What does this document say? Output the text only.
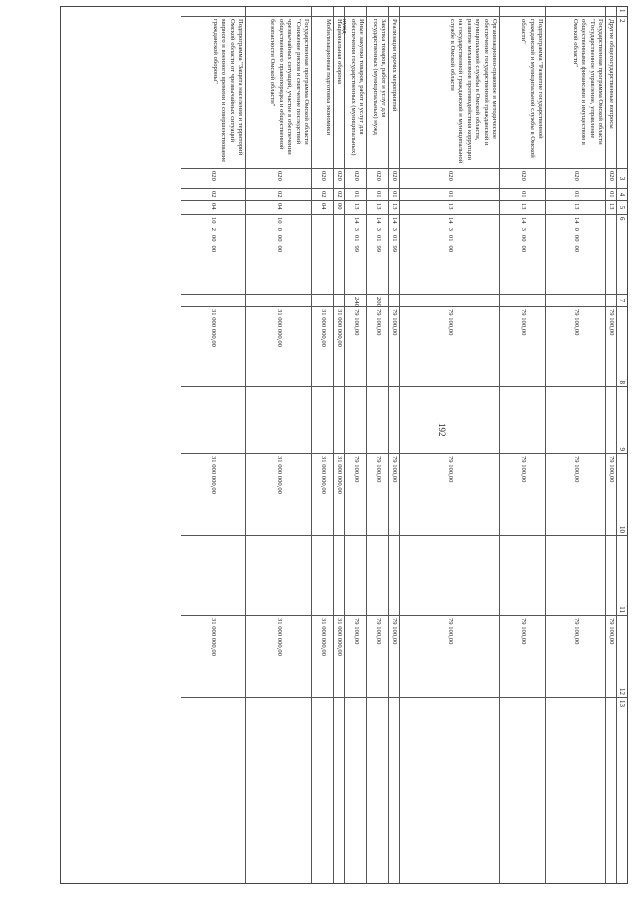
192
1
2
3
4
5
6
7
8
9
10
11
12
13
Другие общегосударственные вопросы
020
01
13
79 100,00
79 100,00
79 100,00
Государственная программа Омской области "Государственное управление, управление общественными финансами и имуществом в Омской области"
020
01
13
14
0
00
00
79 100,00
79 100,00
79 100,00
Подпрограмма "Развитие государственной гражданской и муниципальной службы в Омской области"
020
01
13
14
3
00
00
79 100,00
79 100,00
79 100,00
Организационно-правовое и методическое обеспечение государственной гражданской и муниципальной службы в Омской области, развитие механизмов противодействия коррупции на государственной гражданской и муниципальной службе в Омской области
020
01
13
14
3
01
00
79 100,00
79 100,00
79 100,00
Реализация прочих мероприятий
020
01
13
14
3
01
99
79 100,00
79 100,00
79 100,00
Закупка товаров, работ и услуг для государственных (муниципальных) нужд
020
01
13
14
3
01
99
200
79 100,00
79 100,00
79 100,00
Иные закупки товаров, работ и услуг для обеспечения государственных (муниципальных) нужд
020
01
13
14
3
01
99
240
79 100,00
79 100,00
79 100,00
Национальная оборона
020
02
00
31 000 000,00
31 000 000,00
31 000 000,00
Мобилизационная подготовка экономики
020
02
04
31 000 000,00
31 000 000,00
31 000 000,00
Государственная программа Омской области "Снижение рисков и смягчение последствий чрезвычайных ситуаций, участие в обеспечении общественного правопорядка и общественной безопасности Омской области"
020
02
04
10
0
00
00
31 000 000,00
31 000 000,00
31 000 000,00
Подпрограмма "Защита населения и территорий Омской области от чрезвычайных ситуаций мирного и военного времени и совершенствование гражданской обороны"
020
02
04
10
2
00
00
31 000 000,00
31 000 000,00
31 000 000,00
